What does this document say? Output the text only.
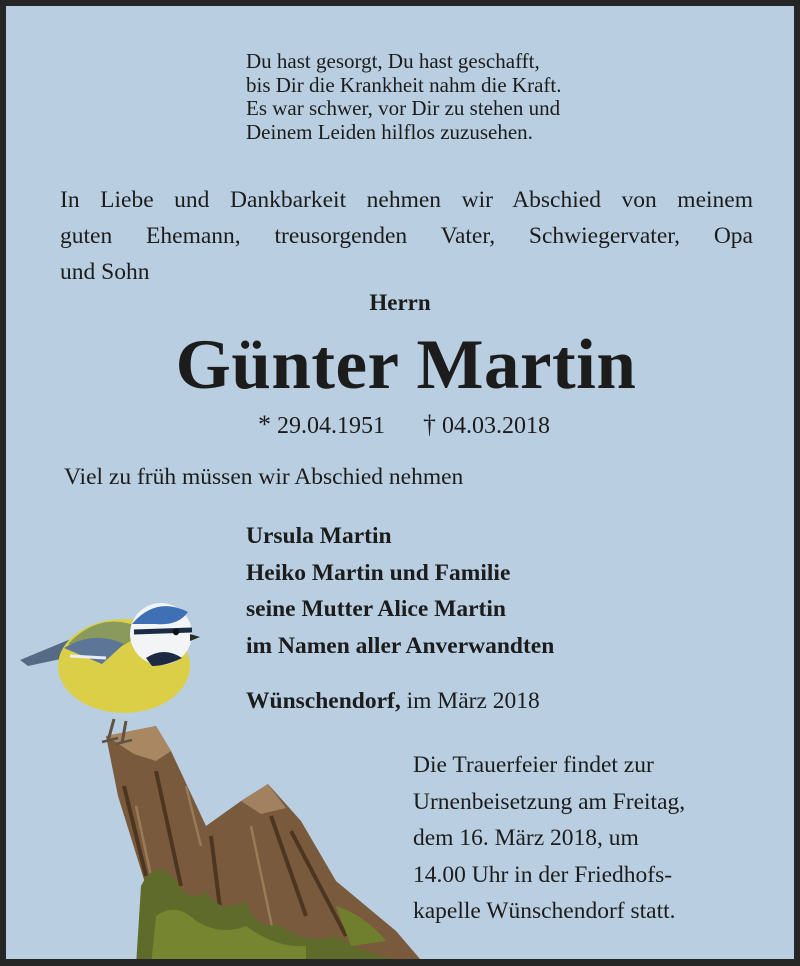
Du hast gesorgt, Du hast geschafft,
bis Dir die Krankheit nahm die Kraft.
Es war schwer, vor Dir zu stehen und
Deinem Leiden hilflos zuzusehen.
In Liebe und Dankbarkeit nehmen wir Abschied von meinem
guten Ehemann, treusorgenden Vater, Schwiegervater, Opa
und Sohn
Herrn
Günter Martin
* 29.04.1951 † 04.03.2018
Viel zu früh müssen wir Abschied nehmen
Ursula Martin
Heiko Martin und Familie
seine Mutter Alice Martin
im Namen aller Anverwandten
Wünschendorf, im März 2018
Die Trauerfeier findet zur
Urnenbeisetzung am Freitag,
dem 16. März 2018, um
14.00 Uhr in der Friedhofs-
kapelle Wünschendorf statt.
